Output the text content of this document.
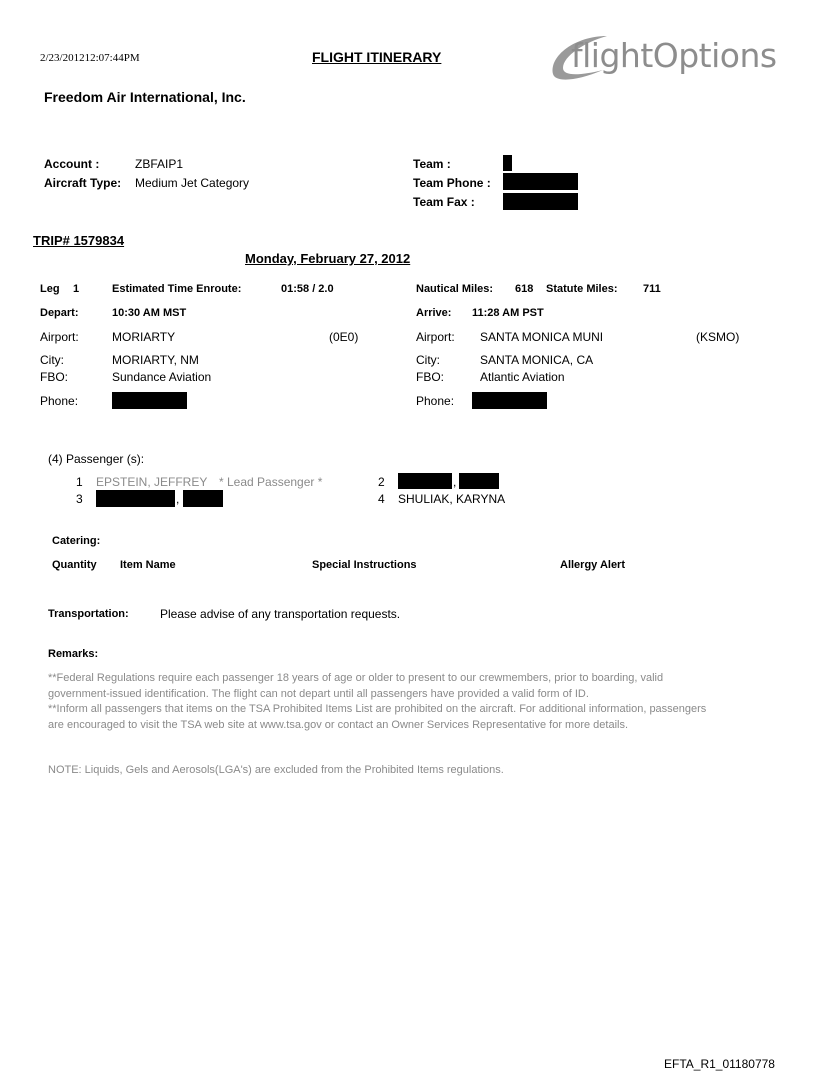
2/23/201212:07:44PM	FLIGHT ITINERARY	flightOptions
Freedom Air International, Inc.
Account :	ZBFAIP1
Aircraft Type: Medium Jet Category
Team :
Team Phone :
Team Fax :
TRIP# 1579834
Monday, February 27, 2012
Leg 1	Estimated Time Enroute:	01:58 / 2.0	Nautical Miles: 618 Statute Miles: 711
Depart:	10:30 AM MST	Arrive: 11:28 AM PST
Airport:	MORIARTY	(0E0)	Airport: SANTA MONICA MUNI	(KSMO)
City:	MORIARTY, NM	City:	SANTA MONICA, CA
FBO:	Sundance Aviation	FBO:	Atlantic Aviation
Phone:	Phone:
(4) Passenger (s):
1 EPSTEIN, JEFFREY * Lead Passenger *	2	,
3	,	4 SHULIAK, KARYNA
Catering:
Quantity Item Name	Special Instructions	Allergy Alert
Transportation:	Please advise of any transportation requests.
Remarks:
**Federal Regulations require each passenger 18 years of age or older to present to our crewmembers, prior to boarding, valid government-issued identification. The flight can not depart until all passengers have provided a valid form of ID.
**Inform all passengers that items on the TSA Prohibited Items List are prohibited on the aircraft. For additional information, passengers are encouraged to visit the TSA web site at www.tsa.gov or contact an Owner Services Representative for more details.
NOTE: Liquids, Gels and Aerosols(LGA's) are excluded from the Prohibited Items regulations.
EFTA_R1_01180778
